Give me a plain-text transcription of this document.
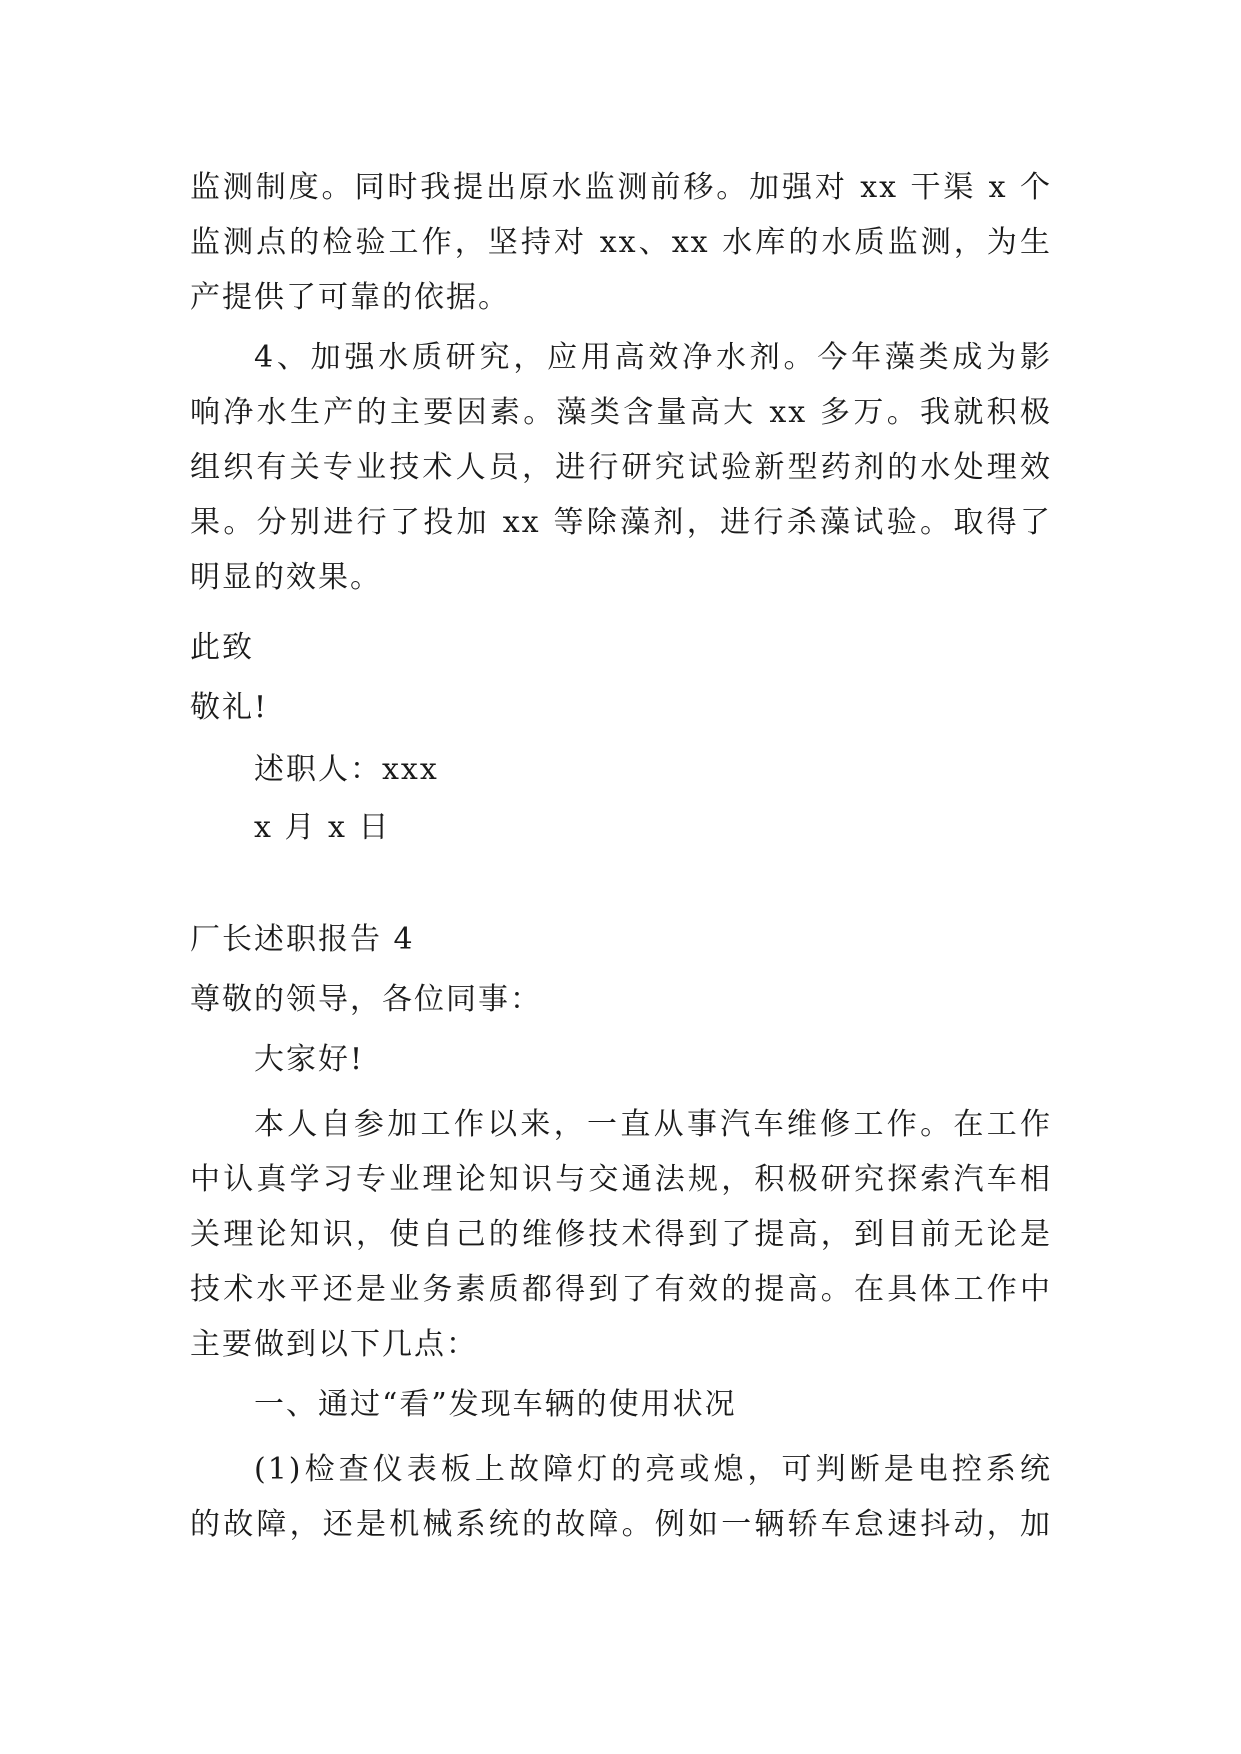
监测制度。同时我提出原水监测前移。加强对 xx 干渠 x 个
监测点的检验工作，坚持对 xx、xx 水库的水质监测，为生
产提供了可靠的依据。
4、加强水质研究，应用高效净水剂。今年藻类成为影
响净水生产的主要因素。藻类含量高大 xx 多万。我就积极
组织有关专业技术人员，进行研究试验新型药剂的水处理效
果。分别进行了投加 xx 等除藻剂，进行杀藻试验。取得了
明显的效果。
此致
敬礼!
述职人：xxx
x 月 x 日
厂长述职报告 4
尊敬的领导，各位同事：
大家好!
本人自参加工作以来，一直从事汽车维修工作。在工作
中认真学习专业理论知识与交通法规，积极研究探索汽车相
关理论知识，使自己的维修技术得到了提高，到目前无论是
技术水平还是业务素质都得到了有效的提高。在具体工作中
主要做到以下几点：
一、通过“看”发现车辆的使用状况
(1)检查仪表板上故障灯的亮或熄，可判断是电控系统
的故障，还是机械系统的故障。例如一辆轿车怠速抖动，加
